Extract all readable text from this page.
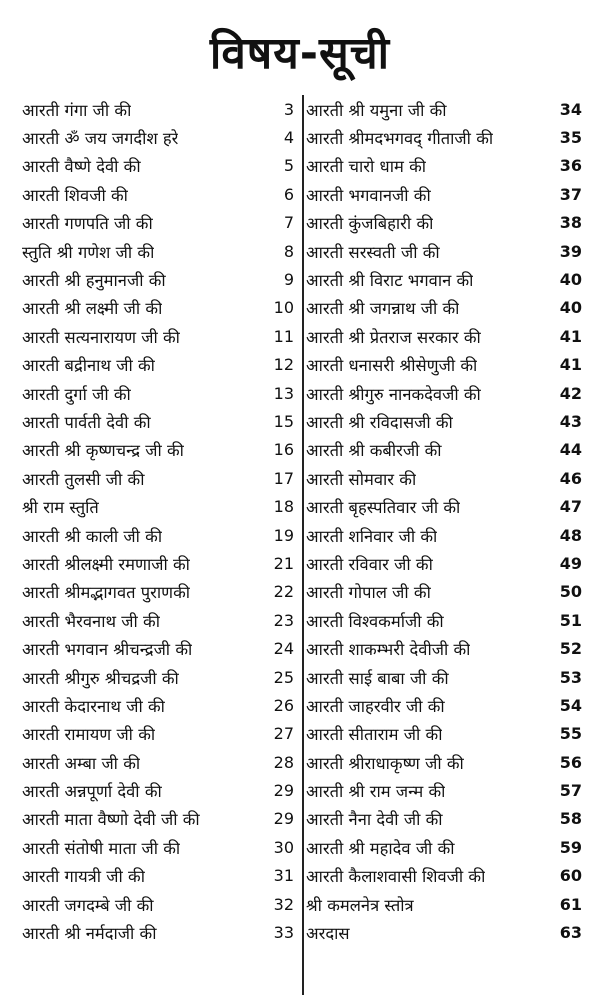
विषय-सूची
आरती गंगा जी की	3
आरती ॐ जय जगदीश हरे	4
आरती वैष्णे देवी की	5
आरती शिवजी की	6
आरती गणपति जी की	7
स्तुति श्री गणेश जी की	8
आरती श्री हनुमानजी की	9
आरती श्री लक्ष्मी जी की	10
आरती सत्यनारायण जी की	11
आरती बद्रीनाथ जी की	12
आरती दुर्गा जी की	13
आरती पार्वती देवी की	15
आरती श्री कृष्णचन्द्र जी की	16
आरती तुलसी जी की	17
श्री राम स्तुति	18
आरती श्री काली जी की	19
आरती श्रीलक्ष्मी रमणाजी की	21
आरती श्रीमद्भागवत पुराणकी	22
आरती भैरवनाथ जी की	23
आरती भगवान श्रीचन्द्रजी की	24
आरती श्रीगुरु श्रीचद्रजी की	25
आरती केदारनाथ जी की	26
आरती रामायण जी की	27
आरती अम्बा जी की	28
आरती अन्नपूर्णा देवी की	29
आरती माता वैष्णो देवी जी की	29
आरती संतोषी माता जी की	30
आरती गायत्री जी की	31
आरती जगदम्बे जी की	32
आरती श्री नर्मदाजी की	33
आरती श्री यमुना जी की	34
आरती श्रीमदभगवद् गीताजी की	35
आरती चारो धाम की	36
आरती भगवानजी की	37
आरती कुंजबिहारी की	38
आरती सरस्वती जी की	39
आरती श्री विराट भगवान की	40
आरती श्री जगन्नाथ जी की	40
आरती श्री प्रेतराज सरकार की	41
आरती धनासरी श्रीसेणुजी की	41
आरती श्रीगुरु नानकदेवजी की	42
आरती श्री रविदासजी की	43
आरती श्री कबीरजी की	44
आरती सोमवार की	46
आरती बृहस्पतिवार जी की	47
आरती शनिवार जी की	48
आरती रविवार जी की	49
आरती गोपाल जी की	50
आरती विश्वकर्माजी की	51
आरती शाकम्भरी देवीजी की	52
आरती साई बाबा जी की	53
आरती जाहरवीर जी की	54
आरती सीताराम जी की	55
आरती श्रीराधाकृष्ण जी की	56
आरती श्री राम जन्म की	57
आरती नैना देवी जी की	58
आरती श्री महादेव जी की	59
आरती कैलाशवासी शिवजी की	60
श्री कमलनेत्र स्तोत्र	61
अरदास	63
